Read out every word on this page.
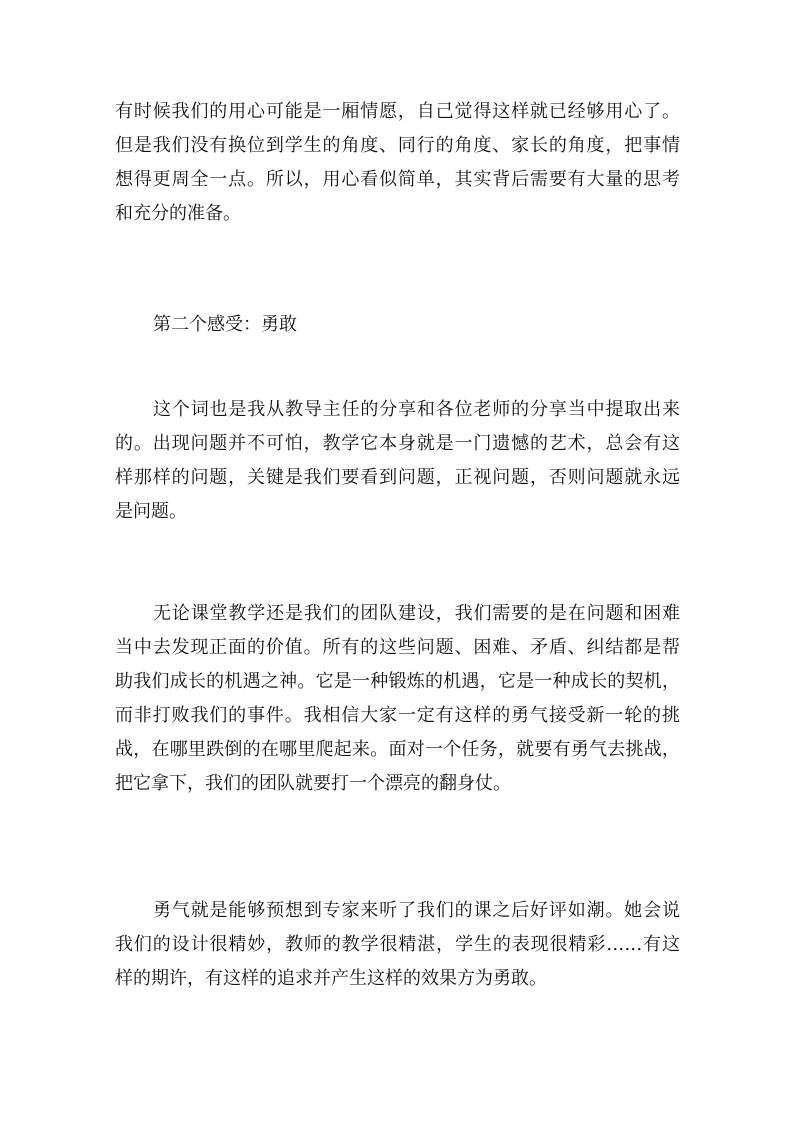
有时候我们的用心可能是一厢情愿，自己觉得这样就已经够用心了。
但是我们没有换位到学生的角度、同行的角度、家长的角度，把事情
想得更周全一点。所以，用心看似简单，其实背后需要有大量的思考
和充分的准备。
第二个感受：勇敢
这个词也是我从教导主任的分享和各位老师的分享当中提取出来
的。出现问题并不可怕，教学它本身就是一门遗憾的艺术，总会有这
样那样的问题，关键是我们要看到问题，正视问题，否则问题就永远
是问题。
无论课堂教学还是我们的团队建设，我们需要的是在问题和困难
当中去发现正面的价值。所有的这些问题、困难、矛盾、纠结都是帮
助我们成长的机遇之神。它是一种锻炼的机遇，它是一种成长的契机，
而非打败我们的事件。我相信大家一定有这样的勇气接受新一轮的挑
战，在哪里跌倒的在哪里爬起来。面对一个任务，就要有勇气去挑战，
把它拿下，我们的团队就要打一个漂亮的翻身仗。
勇气就是能够预想到专家来听了我们的课之后好评如潮。她会说
我们的设计很精妙，教师的教学很精湛，学生的表现很精彩……有这
样的期许，有这样的追求并产生这样的效果方为勇敢。
